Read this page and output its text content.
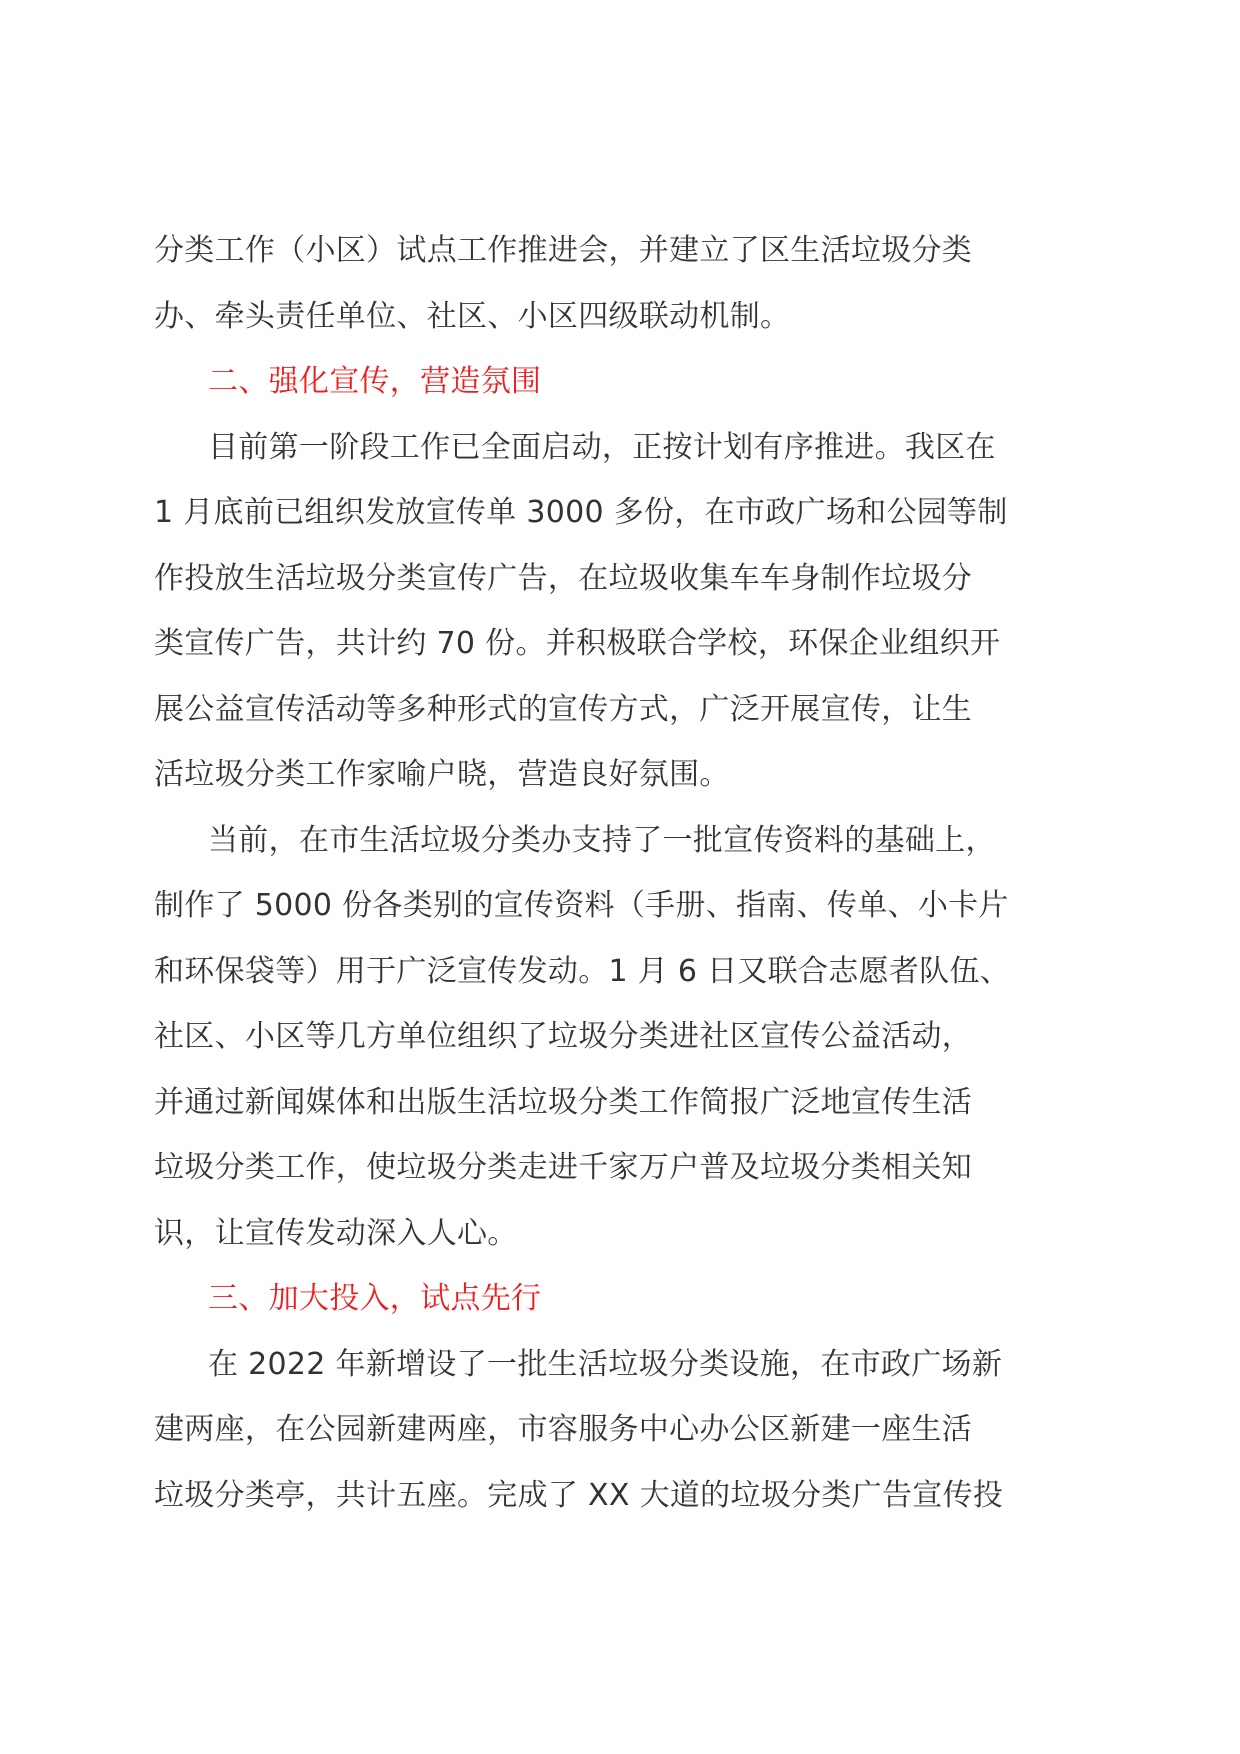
分类工作（小区）试点工作推进会，并建立了区生活垃圾分类
办、牵头责任单位、社区、小区四级联动机制。
二、强化宣传，营造氛围
目前第一阶段工作已全面启动，正按计划有序推进。我区在
1 月底前已组织发放宣传单 3000 多份，在市政广场和公园等制
作投放生活垃圾分类宣传广告，在垃圾收集车车身制作垃圾分
类宣传广告，共计约 70 份。并积极联合学校，环保企业组织开
展公益宣传活动等多种形式的宣传方式，广泛开展宣传，让生
活垃圾分类工作家喻户晓，营造良好氛围。
当前，在市生活垃圾分类办支持了一批宣传资料的基础上，
制作了 5000 份各类别的宣传资料（手册、指南、传单、小卡片
和环保袋等）用于广泛宣传发动。1 月 6 日又联合志愿者队伍、
社区、小区等几方单位组织了垃圾分类进社区宣传公益活动，
并通过新闻媒体和出版生活垃圾分类工作简报广泛地宣传生活
垃圾分类工作，使垃圾分类走进千家万户普及垃圾分类相关知
识，让宣传发动深入人心。
三、加大投入，试点先行
在 2022 年新增设了一批生活垃圾分类设施，在市政广场新
建两座，在公园新建两座，市容服务中心办公区新建一座生活
垃圾分类亭，共计五座。完成了 XX 大道的垃圾分类广告宣传投
